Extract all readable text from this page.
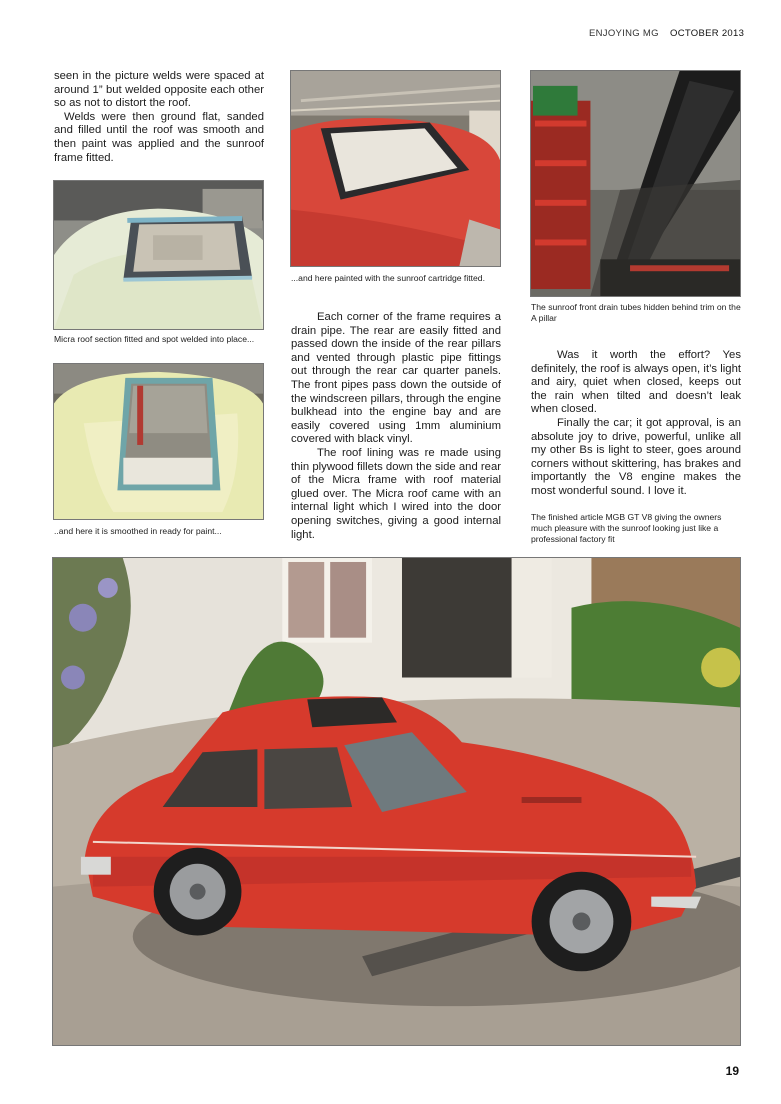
ENJOYING MG OCTOBER 2013

seen in the picture welds were spaced at around 1” but welded opposite each other so as not to distort the roof.

Welds were then ground flat, sanded and filled until the roof was smooth and then paint was applied and the sunroof frame fitted.

Micra roof section fitted and spot welded into place...
..and here it is smoothed in ready for paint...
...and here painted with the sunroof cartridge fitted.

Each corner of the frame requires a drain pipe. The rear are easily fitted and passed down the inside of the rear pillars and vented through plastic pipe fittings out through the rear car quarter panels. The front pipes pass down the outside of the windscreen pillars, through the engine bulkhead into the engine bay and are easily covered using 1mm aluminium covered with black vinyl.

The roof lining was re made using thin plywood fillets down the side and rear of the Micra frame with roof material glued over. The Micra roof came with an internal light which I wired into the door opening switches, giving a good internal light.

The sunroof front drain tubes hidden behind trim on the A pillar

Was it worth the effort? Yes definitely, the roof is always open, it’s light and airy, quiet when closed, keeps out the rain when tilted and doesn’t leak when closed.

Finally the car; it got approval, is an absolute joy to drive, powerful, unlike all my other Bs is light to steer, goes around corners without skittering, has brakes and importantly the V8 engine makes the most wonderful sound. I love it.

The finished article MGB GT V8 giving the owners much pleasure with the sunroof looking just like a professional factory fit
19
